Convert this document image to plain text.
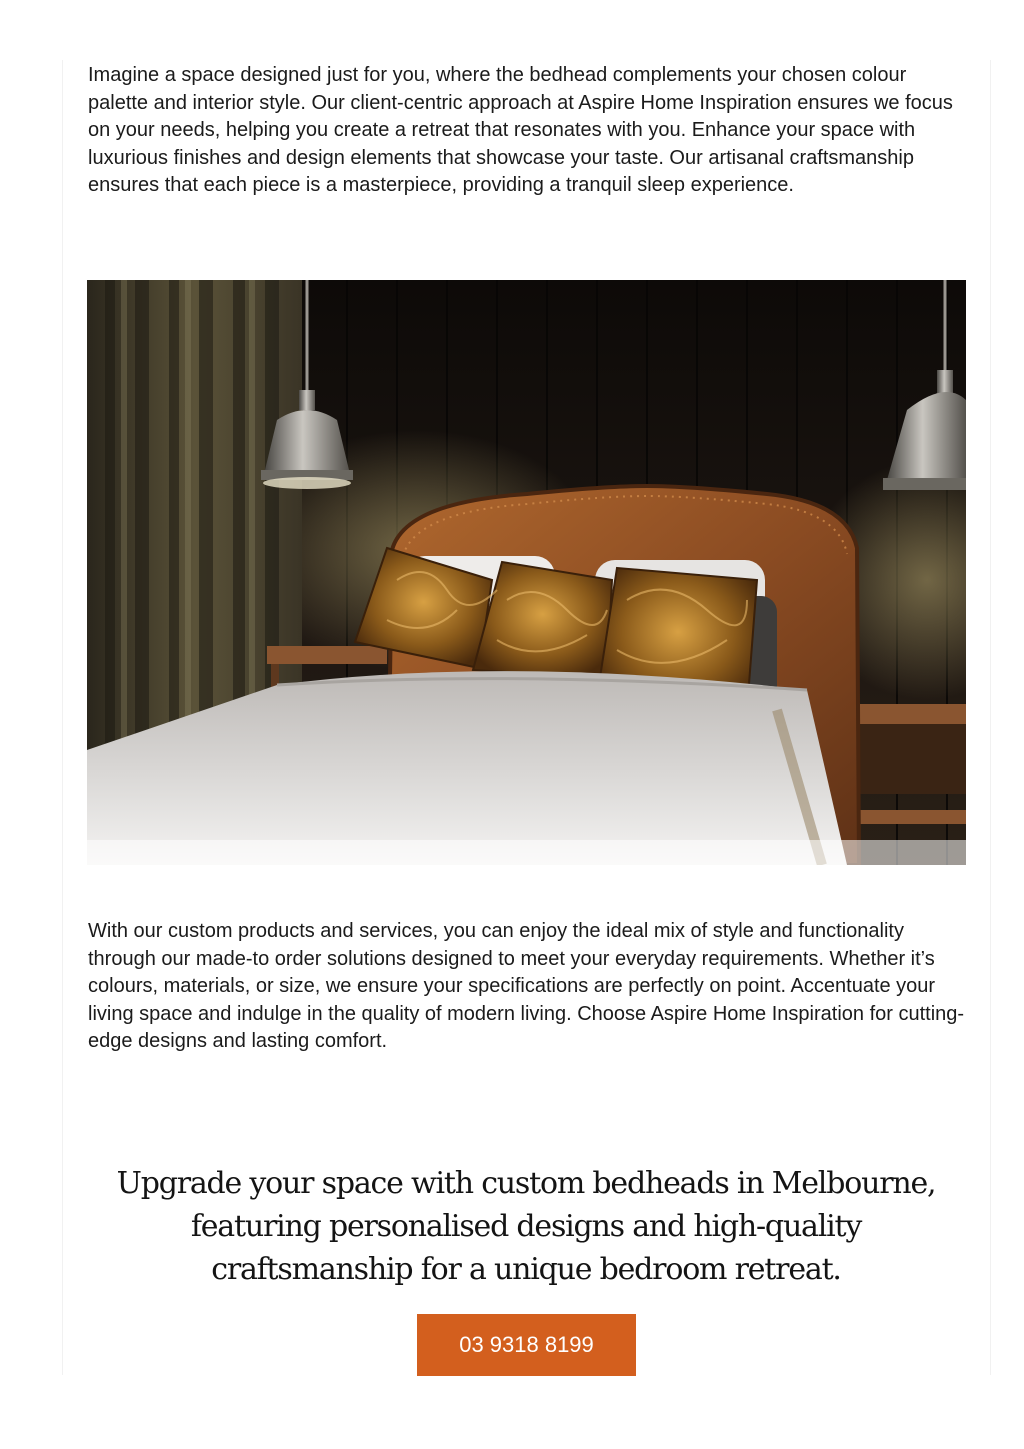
Imagine a space designed just for you, where the bedhead complements your chosen colour palette and interior style. Our client-centric approach at Aspire Home Inspiration ensures we focus on your needs, helping you create a retreat that resonates with you. Enhance your space with luxurious finishes and design elements that showcase your taste. Our artisanal craftsmanship ensures that each piece is a masterpiece, providing a tranquil sleep experience.

With our custom products and services, you can enjoy the ideal mix of style and functionality through our made-to order solutions designed to meet your everyday requirements. Whether it’s colours, materials, or size, we ensure your specifications are perfectly on point. Accentuate your living space and indulge in the quality of modern living. Choose Aspire Home Inspiration for cutting-edge designs and lasting comfort.

Upgrade your space with custom bedheads in Melbourne, featuring personalised designs and high-quality craftsmanship for a unique bedroom retreat.
03 9318 8199
